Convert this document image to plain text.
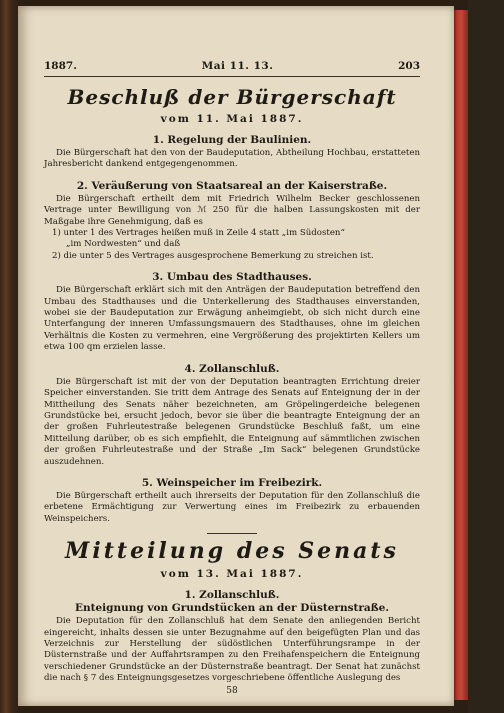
1887.	Mai 11. 13.	203
Beschluß der Bürgerschaft
vom 11. Mai 1887.
1. Regelung der Baulinien.

Die Bürgerschaft hat den von der Baudeputation, Abtheilung Hochbau, erstatteten Jahresbericht dankend entgegengenommen.

2. Veräußerung von Staatsareal an der Kaiserstraße.

Die Bürgerschaft ertheilt dem mit Friedrich Wilhelm Becker geschlossenen Vertrage unter Bewilligung von ℳ 250 für die halben Lassungskosten mit der Maßgabe ihre Genehmigung, daß es

1) unter 1 des Vertrages heißen muß in Zeile 4 statt „im Südosten“
„im Nordwesten“ und daß
2) die unter 5 des Vertrages ausgesprochene Bemerkung zu streichen ist.
3. Umbau des Stadthauses.

Die Bürgerschaft erklärt sich mit den Anträgen der Baudeputation betreffend den Umbau des Stadthauses und die Unterkellerung des Stadthauses einverstanden, wobei sie der Baudeputation zur Erwägung anheimgiebt, ob sich nicht durch eine Unterfangung der inneren Umfassungsmauern des Stadthauses, ohne im gleichen Verhältnis die Kosten zu vermehren, eine Vergrößerung des projektirten Kellers um etwa 100 qm erzielen lasse.

4. Zollanschluß.

Die Bürgerschaft ist mit der von der Deputation beantragten Errichtung dreier Speicher einverstanden. Sie tritt dem Antrage des Senats auf Enteignung der in der Mittheilung des Senats näher bezeichneten, am Gröpelingerdeiche belegenen Grundstücke bei, ersucht jedoch, bevor sie über die beantragte Enteignung der an der großen Fuhrleutestraße belegenen Grundstücke Beschluß faßt, um eine Mitteilung darüber, ob es sich empfiehlt, die Enteignung auf sämmtlichen zwischen der großen Fuhrleutestraße und der Straße „Im Sack“ belegenen Grundstücke auszudehnen.

5. Weinspeicher im Freibezirk.

Die Bürgerschaft ertheilt auch ihrerseits der Deputation für den Zollanschluß die erbetene Ermächtigung zur Verwertung eines im Freibezirk zu erbauenden Weinspeichers.

Mitteilung des Senats
vom 13. Mai 1887.
1. Zollanschluß.
Enteignung von Grundstücken an der Düsternstraße.

Die Deputation für den Zollanschluß hat dem Senate den anliegenden Bericht eingereicht, inhalts dessen sie unter Bezugnahme auf den beigefügten Plan und das Verzeichnis zur Herstellung der südöstlichen Unterführungsrampe in der Düsternstraße und der Auffahrtsrampen zu den Freihafenspeichern die Enteignung verschiedener Grundstücke an der Düsternstraße beantragt. Der Senat hat zunächst die nach § 7 des Enteignungsgesetzes vorgeschriebene öffentliche Auslegung des

58
